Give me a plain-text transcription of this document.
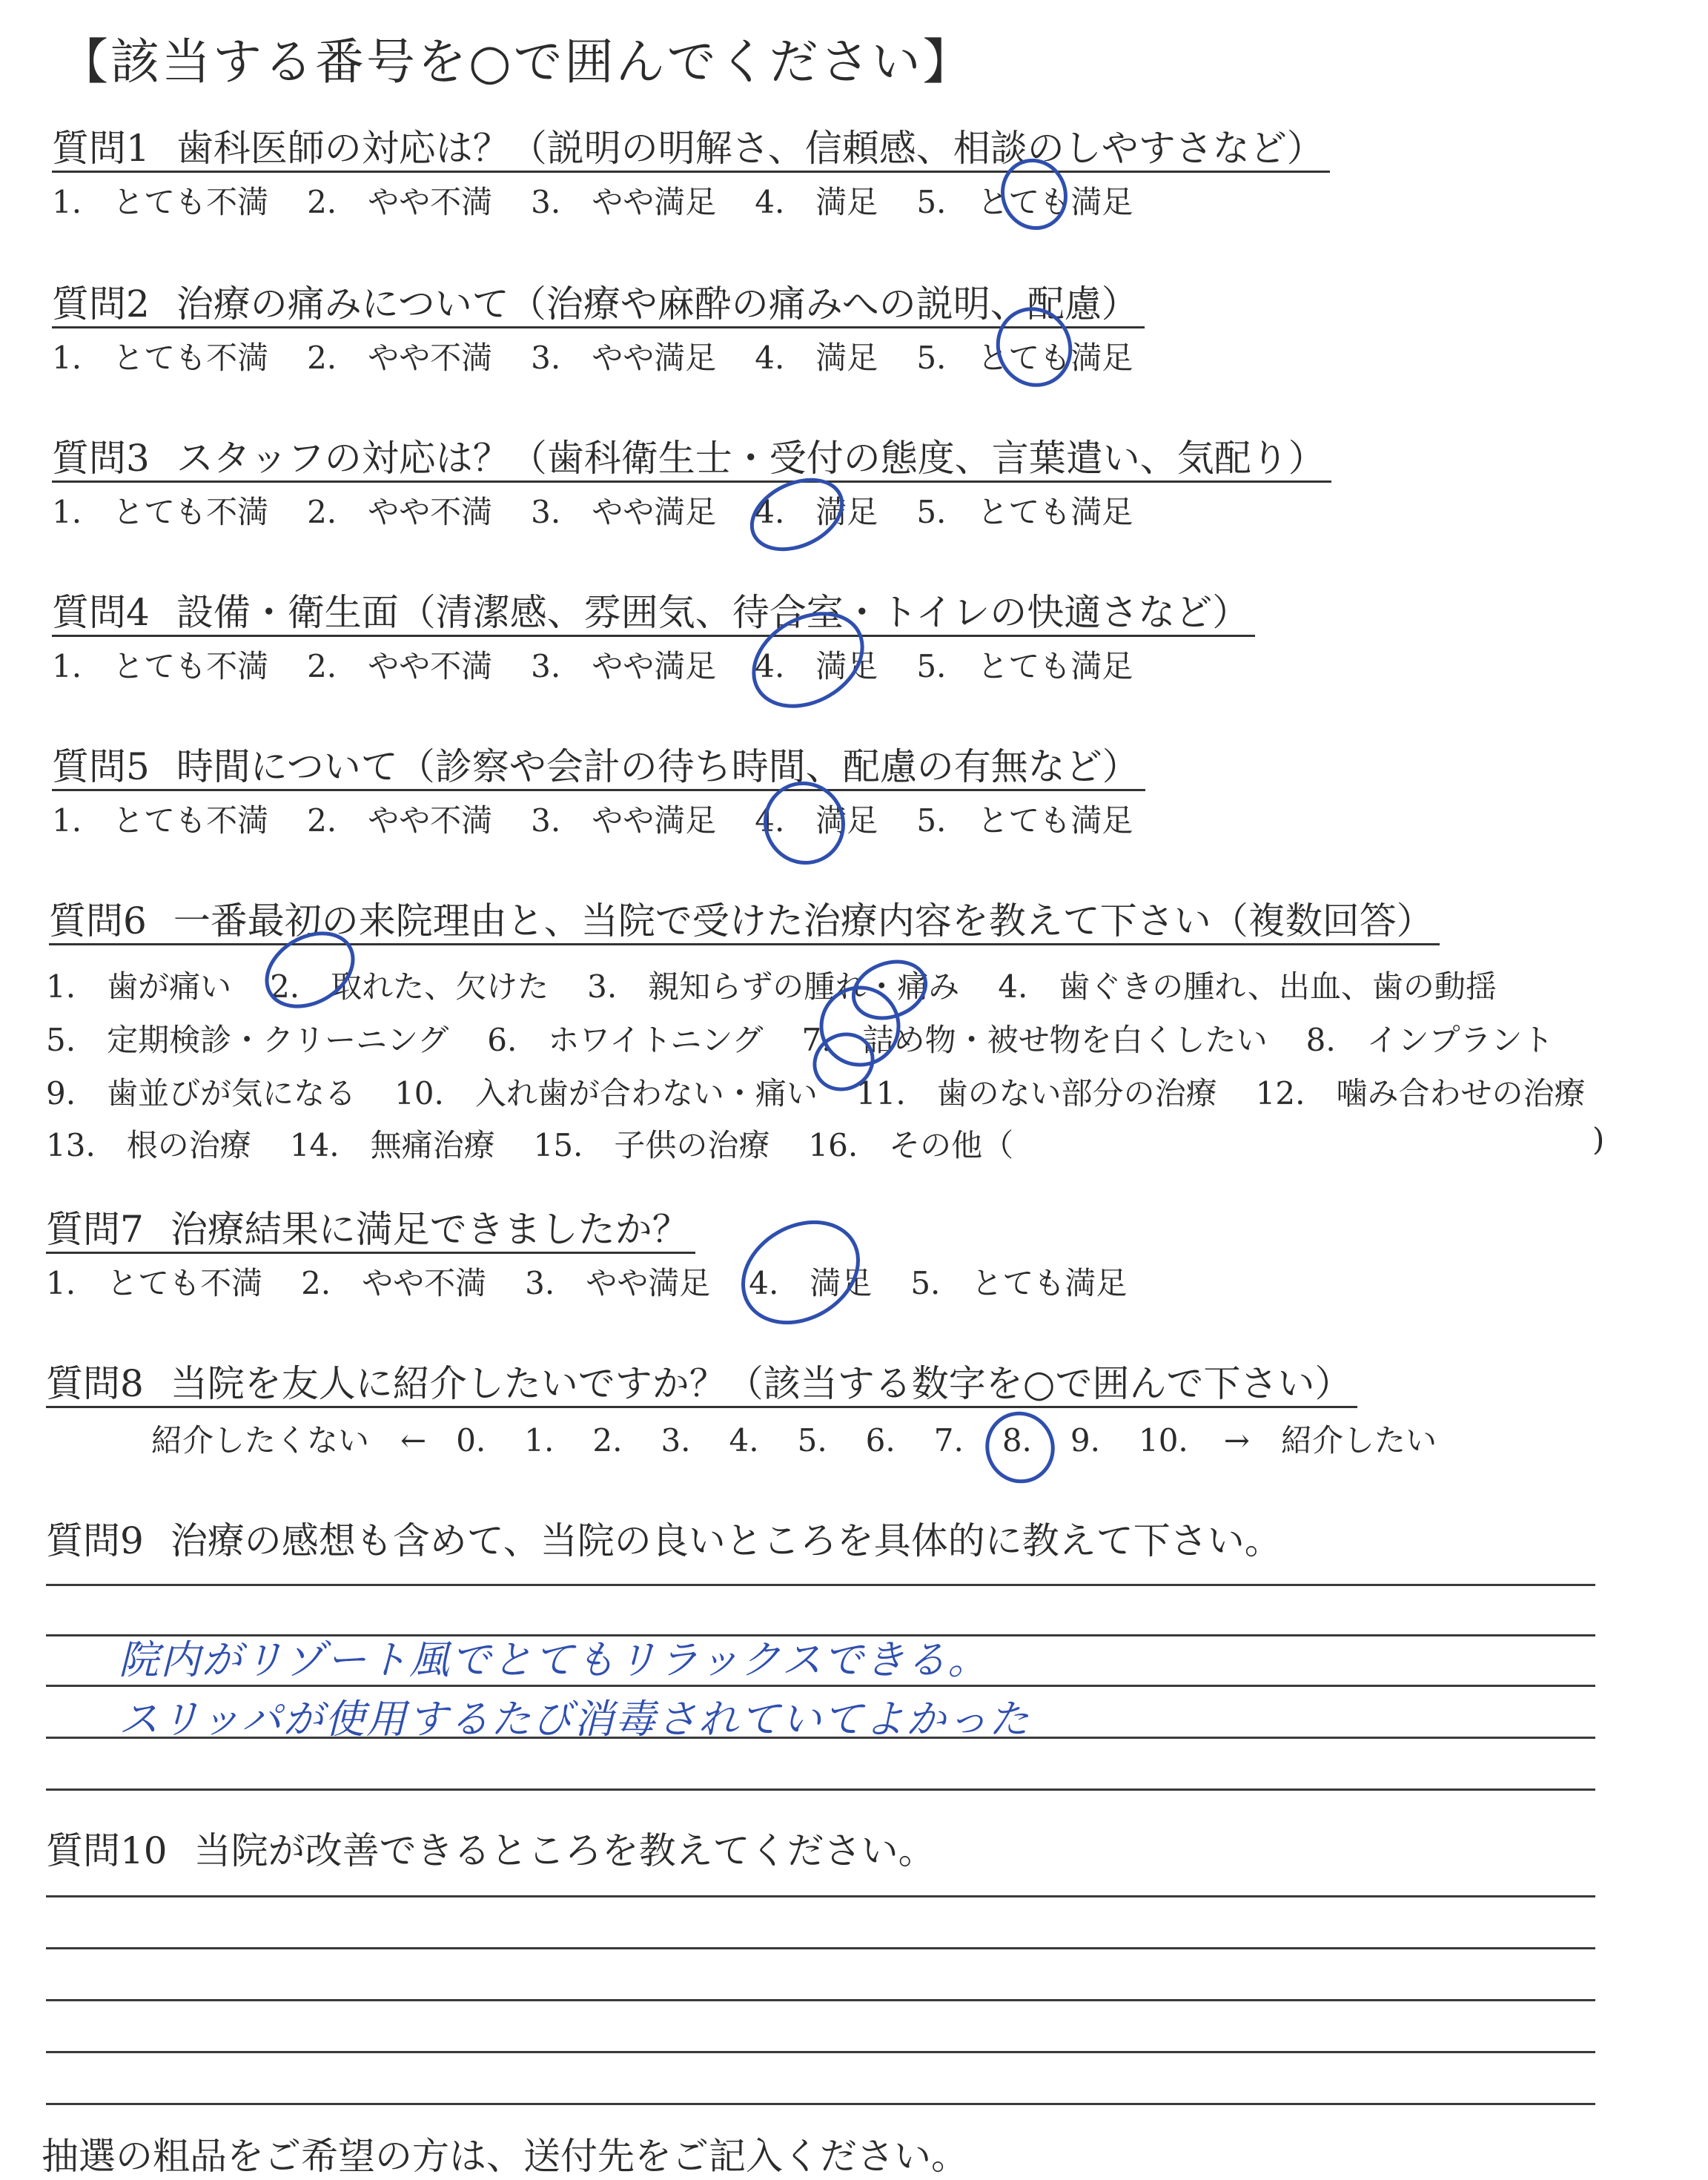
【該当する番号を○で囲んでください】
質問1 歯科医師の対応は？（説明の明解さ、信頼感、相談のしやすさなど）
1.　とても不満 2.　やや不満 3.　やや満足 4.　満足 5.　とても満足
質問2 治療の痛みについて（治療や麻酔の痛みへの説明、配慮）
1.　とても不満 2.　やや不満 3.　やや満足 4.　満足 5.　とても満足
質問3 スタッフの対応は？（歯科衛生士・受付の態度、言葉遣い、気配り）
1.　とても不満 2.　やや不満 3.　やや満足 4.　満足 5.　とても満足
質問4 設備・衛生面（清潔感、雰囲気、待合室・トイレの快適さなど）
1.　とても不満 2.　やや不満 3.　やや満足 4.　満足 5.　とても満足
質問5 時間について（診察や会計の待ち時間、配慮の有無など）
1.　とても不満 2.　やや不満 3.　やや満足 4.　満足 5.　とても満足
質問6 一番最初の来院理由と、当院で受けた治療内容を教えて下さい（複数回答）
1.　歯が痛い 2.　取れた、欠けた 3.　親知らずの腫れ・痛み 4.　歯ぐきの腫れ、出血、歯の動揺
5.　定期検診・クリーニング 6.　ホワイトニング 7.　詰め物・被せ物を白くしたい 8.　インプラント
9.　歯並びが気になる 10.　入れ歯が合わない・痛い 11.　歯のない部分の治療 12.　噛み合わせの治療
13.　根の治療 14.　無痛治療 15.　子供の治療 16.　その他（	)
質問7 治療結果に満足できましたか？
1.　とても不満 2.　やや不満 3.　やや満足 4.　満足 5.　とても満足
質問8 当院を友人に紹介したいですか？（該当する数字を○で囲んで下さい）
紹介したくない　← 0. 1. 2. 3. 4. 5. 6. 7. 8. 9. 10. →　紹介したい
質問9 治療の感想も含めて、当院の良いところを具体的に教えて下さい。
院内がリゾート風でとてもリラックスできる。
スリッパが使用するたび消毒されていてよかった
質問10 当院が改善できるところを教えてください。
抽選の粗品をご希望の方は、送付先をご記入ください。
